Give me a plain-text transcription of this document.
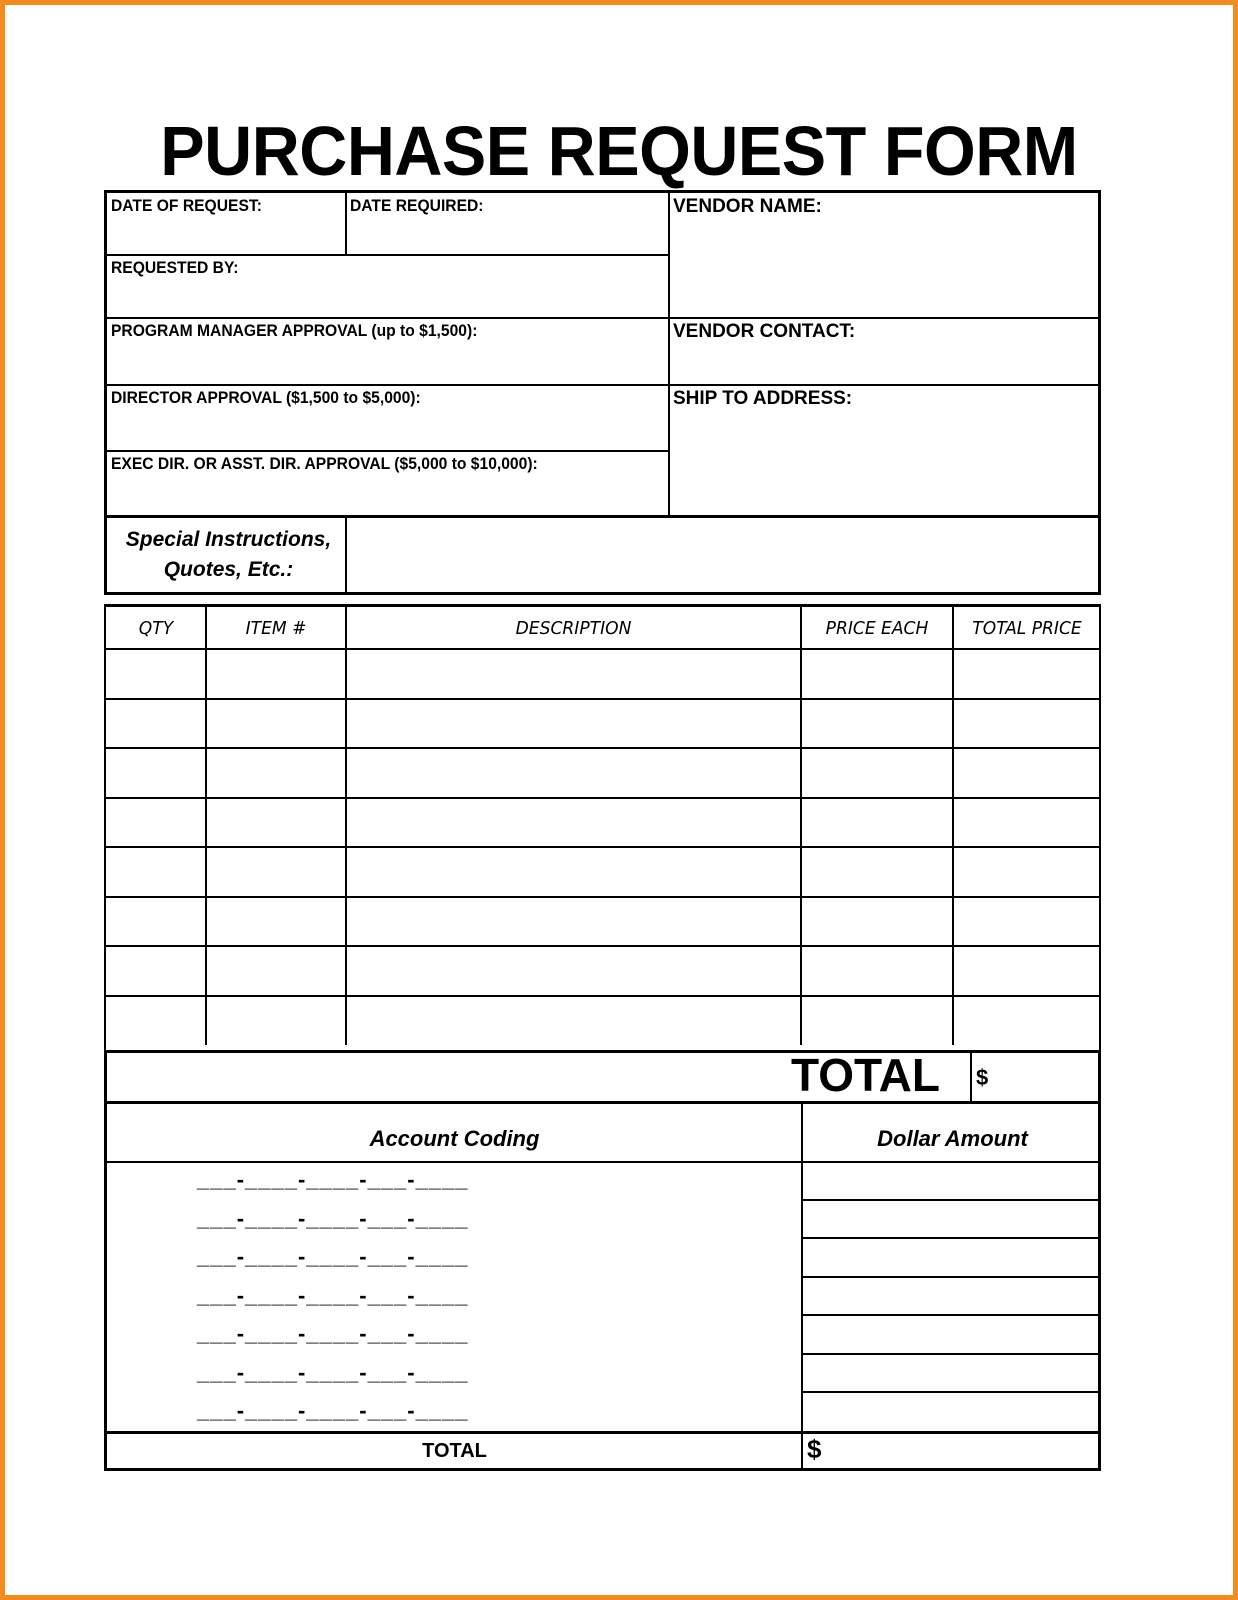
PURCHASE REQUEST FORM
DATE OF REQUEST:	DATE REQUIRED:
REQUESTED BY:
PROGRAM MANAGER APPROVAL (up to $1,500):
DIRECTOR APPROVAL ($1,500 to $5,000):
EXEC DIR. OR ASST. DIR. APPROVAL ($5,000 to $10,000):
VENDOR NAME:
VENDOR CONTACT:
SHIP TO ADDRESS:
Special Instructions,
Quotes, Etc.:
QTY	ITEM #	DESCRIPTION	PRICE EACH	TOTAL PRICE
TOTAL $
Account Coding	Dollar Amount
___-____-____-___-____
___-____-____-___-____
___-____-____-___-____
___-____-____-___-____
___-____-____-___-____
___-____-____-___-____
___-____-____-___-____
TOTAL	$
